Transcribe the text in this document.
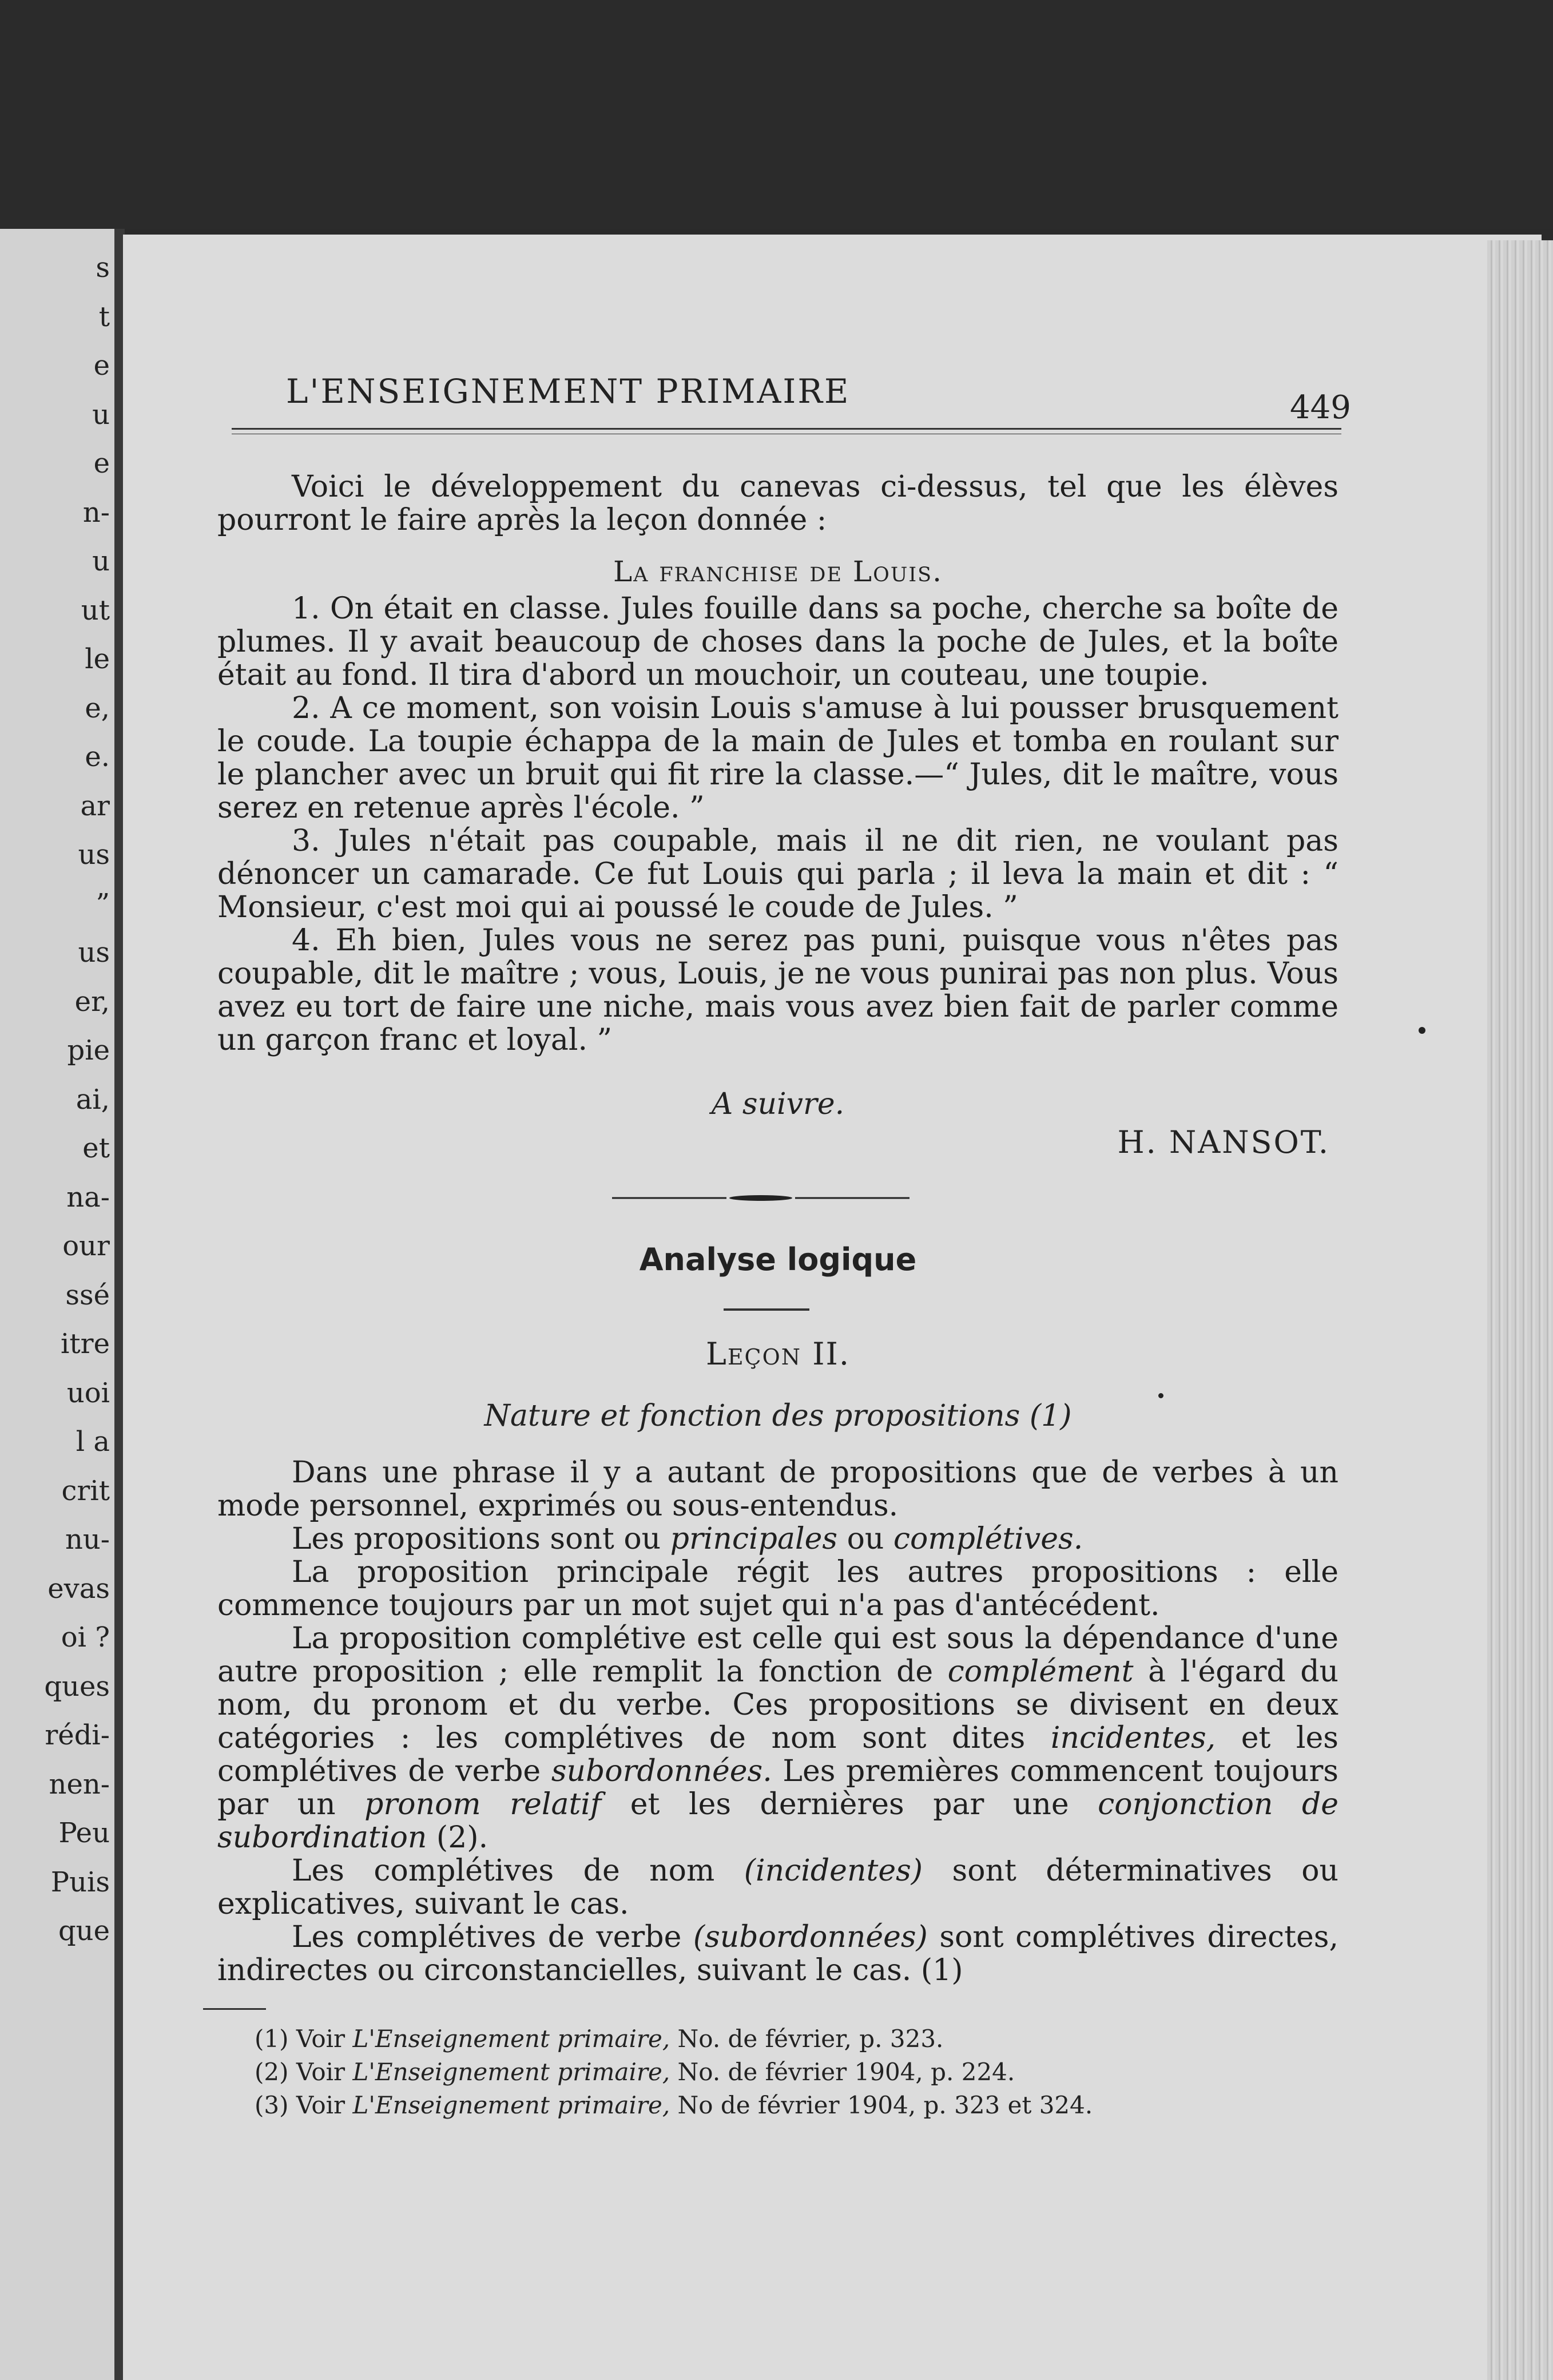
s
t
e
u
e
n-
u
ut
le
e,
e.
ar
us
”
us
er,
pie
ai,
et
na-
our
ssé
itre
uoi
l a
crit
nu-
evas
oi ?
ques
rédi-
nen-
Peu
Puis
que
L'ENSEIGNEMENT PRIMAIRE	449

Voici le développement du canevas ci-dessus, tel que les élèves pourront le faire après la leçon donnée :

La franchise de Louis.

1. On était en classe. Jules fouille dans sa poche, cherche sa boîte de plumes. Il y avait beaucoup de choses dans la poche de Jules, et la boîte était au fond. Il tira d'abord un mouchoir, un couteau, une toupie.

2. A ce moment, son voisin Louis s'amuse à lui pousser brusquement le coude. La toupie échappa de la main de Jules et tomba en roulant sur le plancher avec un bruit qui fit rire la classe.—“ Jules, dit le maître, vous serez en retenue après l'école. ”

3. Jules n'était pas coupable, mais il ne dit rien, ne voulant pas dénoncer un camarade. Ce fut Louis qui parla ; il leva la main et dit : “ Monsieur, c'est moi qui ai poussé le coude de Jules. ”

4. Eh bien, Jules vous ne serez pas puni, puisque vous n'êtes pas coupable, dit le maître ; vous, Louis, je ne vous punirai pas non plus. Vous avez eu tort de faire une niche, mais vous avez bien fait de parler comme un garçon franc et loyal. ”

A suivre.
H. NANSOT.
Analyse logique
Leçon II.
Nature et fonction des propositions (1)

Dans une phrase il y a autant de propositions que de verbes à un mode personnel, exprimés ou sous-entendus.

Les propositions sont ou principales ou complétives.

La proposition principale régit les autres propositions : elle commence toujours par un mot sujet qui n'a pas d'antécédent.

La proposition complétive est celle qui est sous la dépendance d'une autre proposition ; elle remplit la fonction de complément à l'égard du nom, du pronom et du verbe. Ces propositions se divisent en deux catégories : les complétives de nom sont dites incidentes, et les complétives de verbe subordonnées. Les premières commencent toujours par un pronom relatif et les dernières par une conjonction de subordination (2).

Les complétives de nom (incidentes) sont déterminatives ou explicatives, suivant le cas.

Les complétives de verbe (subordonnées) sont complétives directes, indirectes ou circonstancielles, suivant le cas. (1)

(1) Voir L'Enseignement primaire, No. de février, p. 323.
(2) Voir L'Enseignement primaire, No. de février 1904, p. 224.
(3) Voir L'Enseignement primaire, No de février 1904, p. 323 et 324.
